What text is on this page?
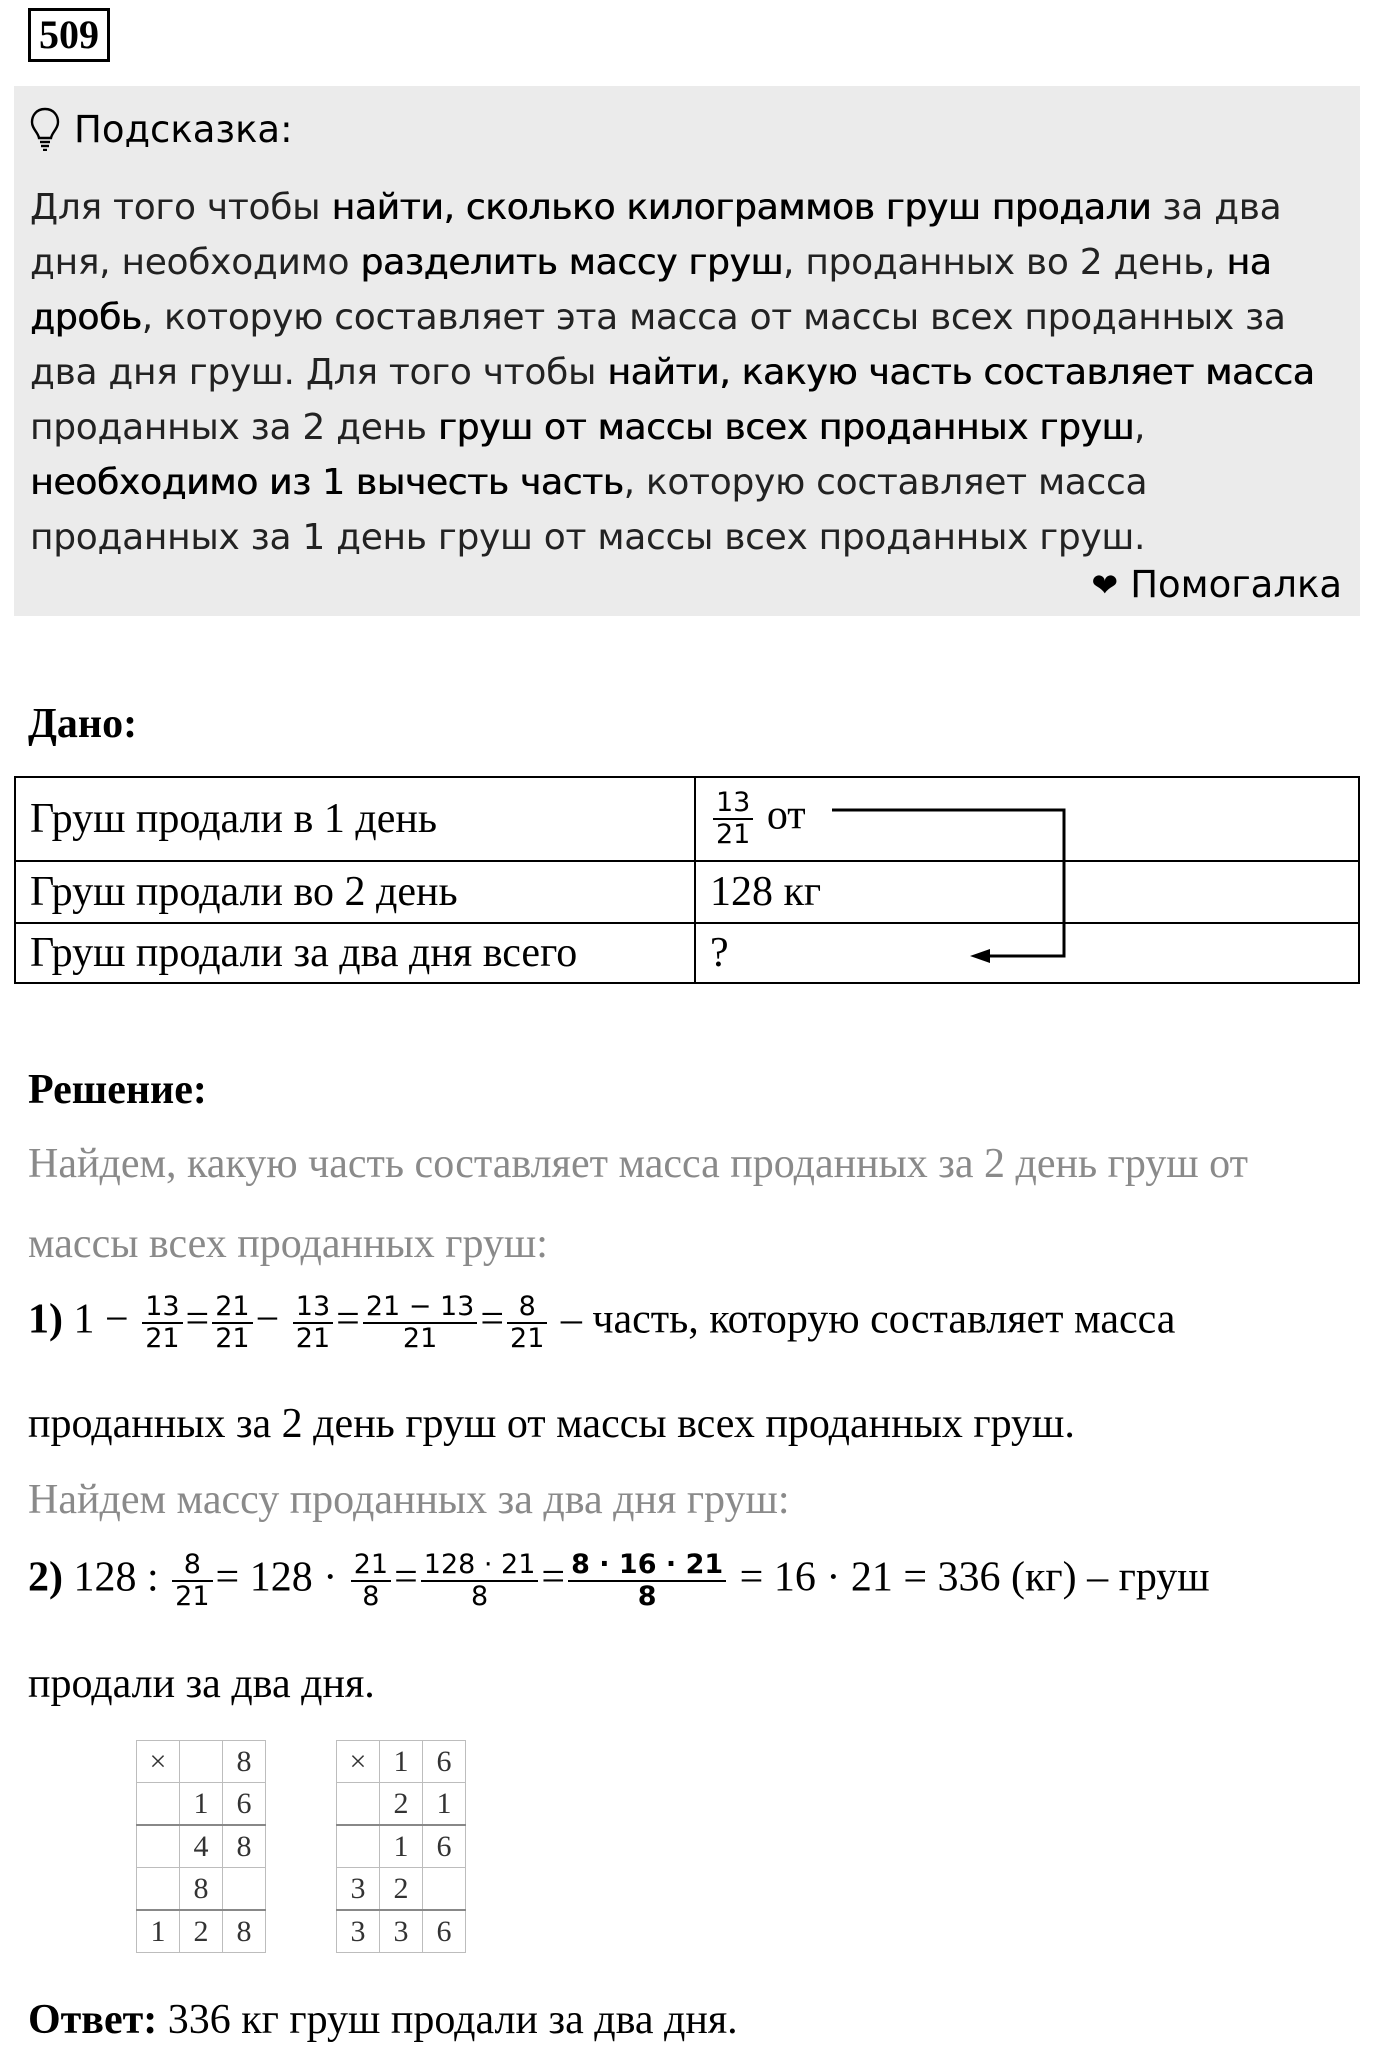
509
Подсказка:
Для того чтобы найти, сколько килограммов груш продали за два дня, необходимо разделить массу груш, проданных во 2 день, на дробь, которую составляет эта масса от массы всех проданных за два дня груш. Для того чтобы найти, какую часть составляет масса проданных за 2 день груш от массы всех проданных груш, необходимо из 1 вычесть часть, которую составляет масса проданных за 1 день груш от массы всех проданных груш.
❤ Помогалка
Дано:
Груш продали в 1 день	$\frac{13}{21}$ от
Груш продали во 2 день	128 кг
Груш продали за два дня всего	?
Решение:
Найдем, какую часть составляет масса проданных за 2 день груш от
массы всех проданных груш:
1) $1 - \frac{13}{21} = \frac{21}{21} - \frac{13}{21} = \frac{21 - 13}{21} = \frac{8}{21}$ – часть, которую составляет масса
проданных за 2 день груш от массы всех проданных груш.
Найдем массу проданных за два дня груш:
2) 128 : $\frac{8}{21} = 128 \cdot \frac{21}{8} = \frac{128 \cdot 21}{8} = \frac{8 \cdot 16 \cdot 21}{8} = 16 \cdot 21 = 336$ (кг) – груш
продали за два дня.
×		8
	1	6
	4	8
	8	
1	2	8
×	1	6
	2	1
	1	6
3	2	
3	3	6
Ответ: 336 кг груш продали за два дня.
